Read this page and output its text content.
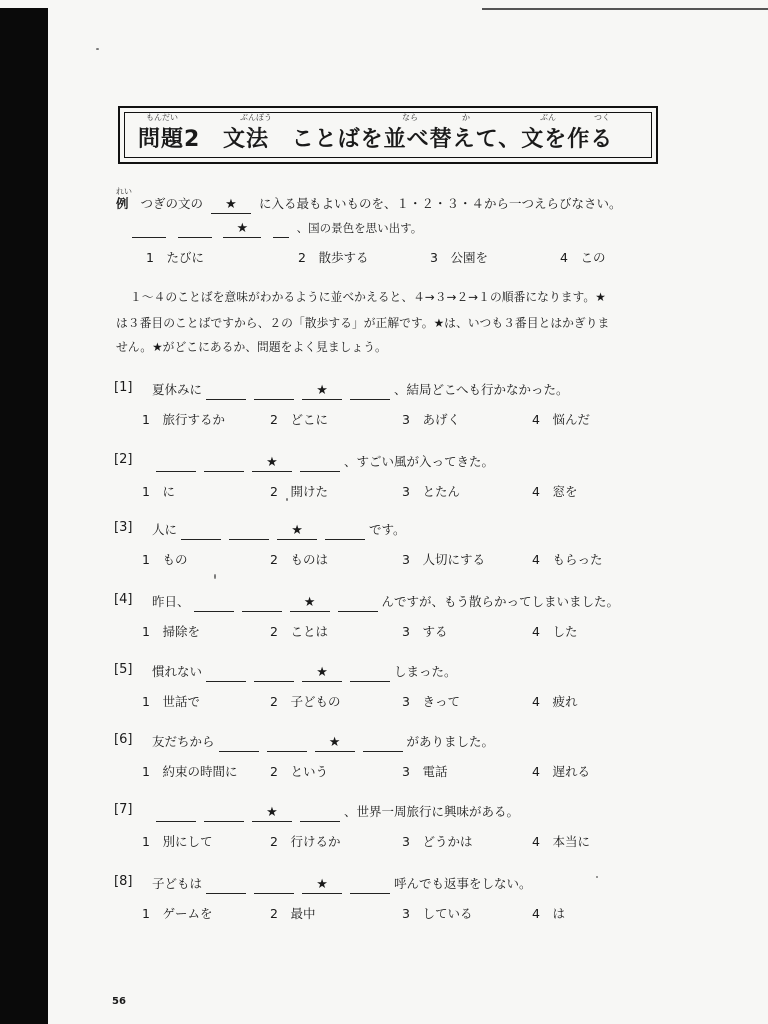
もんだい	ぶんぽう	なら	か	ぶん	つく
問題2 文法 ことばを並べ替えて、文を作る
れい
例 つぎの文の ★ に入る最もよいものを、１・２・３・４から一つえらびなさい。
★	、国の景色を思い出す。
1　たびに	2　散歩する	3　公園を	4　この
１～４のことばを意味がわかるように並べかえると、４→３→２→１の順番になります。★
は３番目のことばですから、２の「散歩する」が正解です。★は、いつも３番目とはかぎりま
せん。★がどこにあるか、問題をよく見ましょう。
[1] 夏休みに	★	、結局どこへも行かなかった。
1　旅行するか	2　どこに	3　あげく	4　悩んだ
[2]	★	、すごい風が入ってきた。
1　に	2　開けた	3　とたん	4　窓を
[3] 人に	★	です。
1　もの	2　ものは	3　人切にする	4　もらった
[4] 昨日、	★	んですが、もう散らかってしまいました。
1　掃除を	2　ことは	3　する	4　した
[5] 慣れない	★	しまった。
1　世話で	2　子どもの	3　きって	4　疲れ
[6] 友だちから	★	がありました。
1　約束の時間に	2　という	3　電話	4　遅れる
[7]	★	、世界一周旅行に興味がある。
1　別にして	2　行けるか	3　どうかは	4　本当に
[8] 子どもは	★	呼んでも返事をしない。
1　ゲームを	2　最中	3　している	4　は
56
